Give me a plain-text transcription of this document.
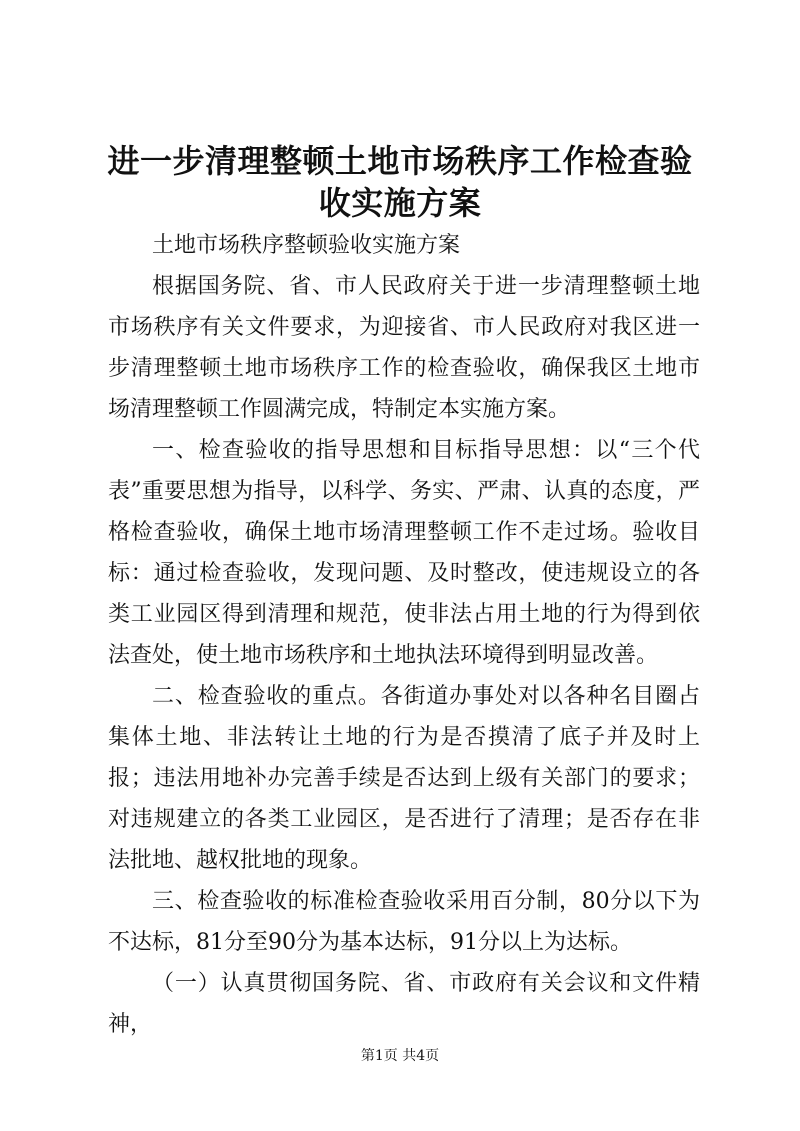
进一步清理整顿土地市场秩序工作检查验收实施方案

土地市场秩序整顿验收实施方案

根据国务院、省、市人民政府关于进一步清理整顿土地市场秩序有关文件要求，为迎接省、市人民政府对我区进一步清理整顿土地市场秩序工作的检查验收，确保我区土地市场清理整顿工作圆满完成，特制定本实施方案。

一、检查验收的指导思想和目标指导思想：以“三个代表”重要思想为指导，以科学、务实、严肃、认真的态度，严格检查验收，确保土地市场清理整顿工作不走过场。验收目标：通过检查验收，发现问题、及时整改，使违规设立的各类工业园区得到清理和规范，使非法占用土地的行为得到依法查处，使土地市场秩序和土地执法环境得到明显改善。

二、检查验收的重点。各街道办事处对以各种名目圈占集体土地、非法转让土地的行为是否摸清了底子并及时上报；违法用地补办完善手续是否达到上级有关部门的要求；对违规建立的各类工业园区，是否进行了清理；是否存在非法批地、越权批地的现象。

三、检查验收的标准检查验收采用百分制，80分以下为不达标，81分至90分为基本达标，91分以上为达标。

（一）认真贯彻国务院、省、市政府有关会议和文件精神，

第1页 共4页
